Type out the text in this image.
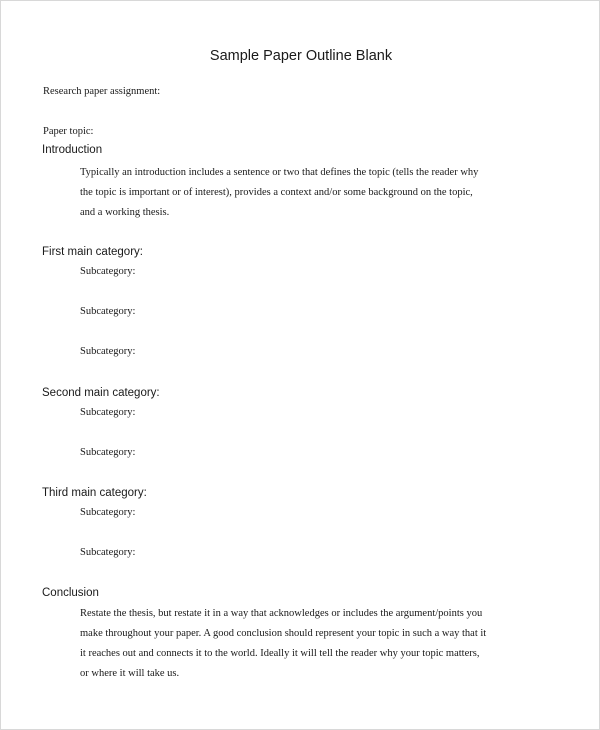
Sample Paper Outline Blank

Research paper assignment:

Paper topic:

Introduction

Typically an introduction includes a sentence or two that defines the topic (tells the reader why

the topic is important or of interest), provides a context and/or some background on the topic,

and a working thesis.

First main category:

Subcategory:

Subcategory:

Subcategory:

Second main category:

Subcategory:

Subcategory:

Third main category:

Subcategory:

Subcategory:

Conclusion

Restate the thesis, but restate it in a way that acknowledges or includes the argument/points you

make throughout your paper. A good conclusion should represent your topic in such a way that it

it reaches out and connects it to the world. Ideally it will tell the reader why your topic matters,

or where it will take us.
